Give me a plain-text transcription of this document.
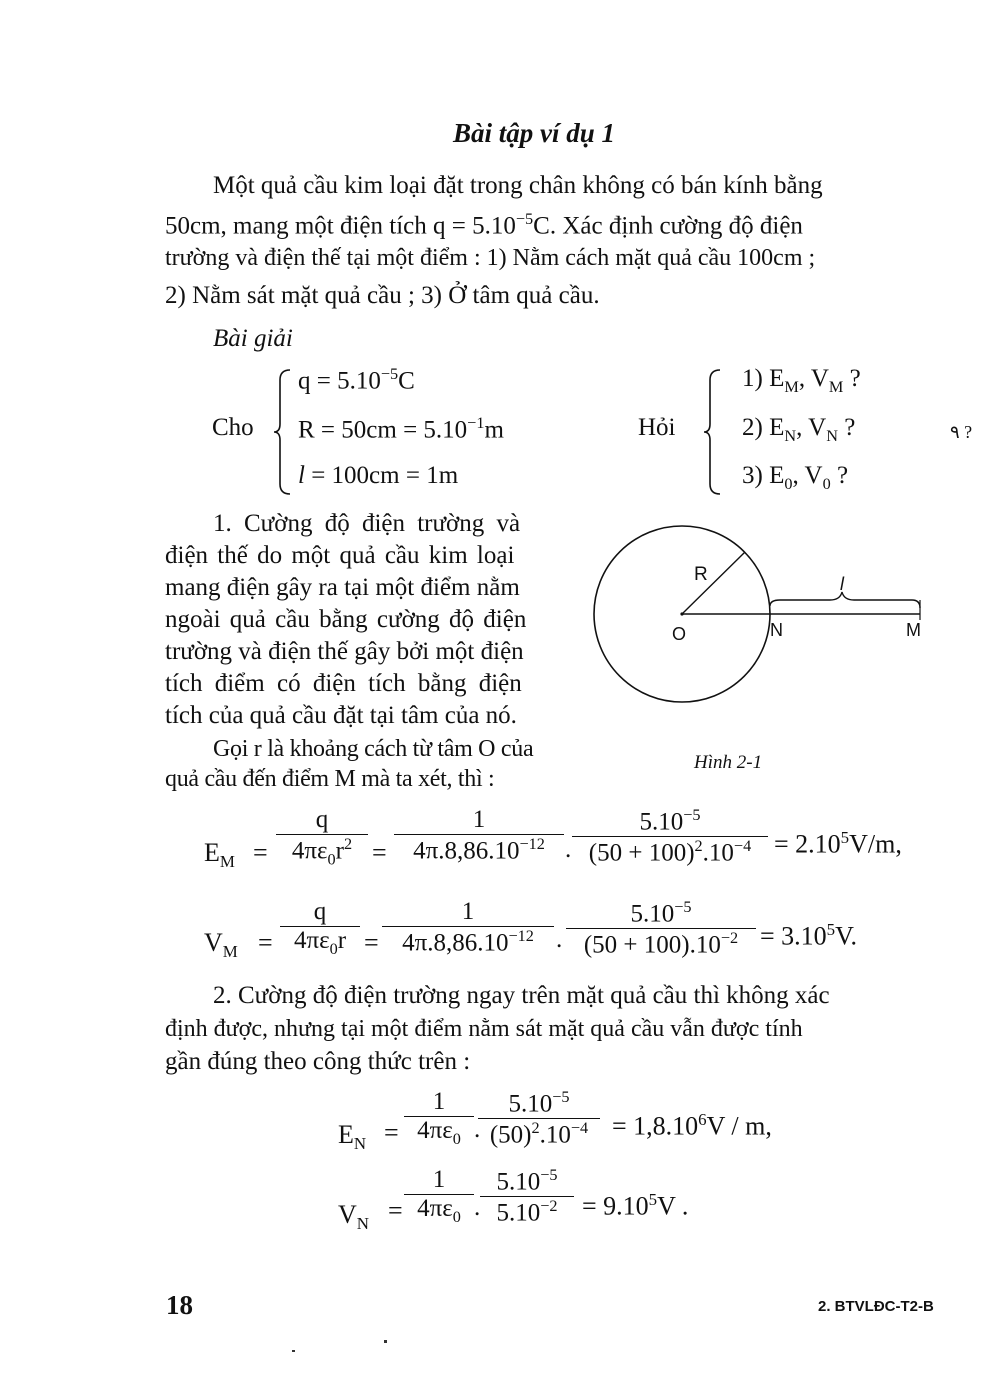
Bài tập ví dụ 1
Một quả cầu kim loại đặt trong chân không có bán kính bằng
50cm, mang một điện tích $q = 5.10^{-5}C$. Xác định cường độ điện
trường và điện thế tại một điểm : 1) Nằm cách mặt quả cầu 100cm ;
2) Nằm sát mặt quả cầu ; 3) Ở tâm quả cầu.
Bài giải
Cho
$q = 5.10^{-5}C$
$R = 50cm = 5.10^{-1}m$
l = 100cm = 1m
Hỏi
1) $E_M$, $V_M$ ?
2) $E_N$, $V_N$ ?
3) $E_0$, $V_0$ ?
۹ ?
1. Cường độ điện trường và
điện thế do một quả cầu kim loại
mang điện gây ra tại một điểm nằm
ngoài quả cầu bằng cường độ điện
trường và điện thế gây bởi một điện
tích điểm có điện tích bằng điện
tích của quả cầu đặt tại tâm của nó.
Gọi r là khoảng cách từ tâm O của
quả cầu đến điểm M mà ta xét, thì :
R
O	N	M
l
Hình 2-1
$E_M = \frac{q}{4\pi\varepsilon_0r^2} = \frac{1}{4\pi.8,86.10^{-12}}$ . $\frac{5.10^{-5}}{(50 + 100)^2.10^{-4}} = 2.10^5V/m$,
$V_M = \frac{q}{4\pi\varepsilon_0r} = \frac{1}{4\pi.8,86.10^{-12}}$ . $\frac{5.10^{-5}}{(50 + 100).10^{-2}} = 3.10^5V$.
2. Cường độ điện trường ngay trên mặt quả cầu thì không xác
định được, nhưng tại một điểm nằm sát mặt quả cầu vẫn được tính
gần đúng theo công thức trên :
$E_N = \frac{1}{4\pi\varepsilon_0}$ .
$\frac{5.10^{-5}}{(50)^2.10^{-4}} = 1,8.10^6V / m$,
$V_N = \frac{1}{4\pi\varepsilon_0}$ . $\frac{5.10^{-5}}{5.10^{-2}} = 9.10^5V$ .
18	2. BTVLĐC-T2-B
